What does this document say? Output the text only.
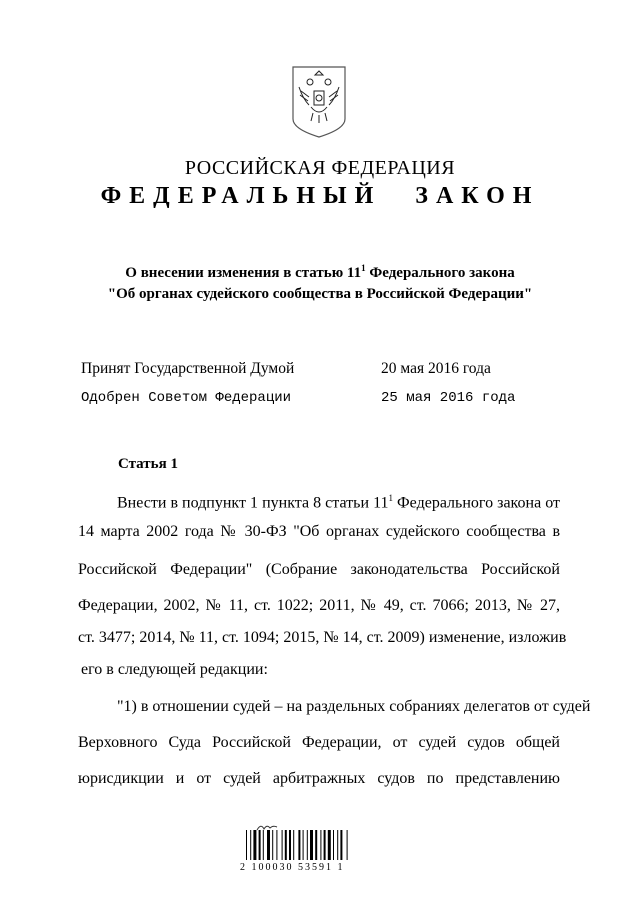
РОССИЙСКАЯ ФЕДЕРАЦИЯ
ФЕДЕРАЛЬНЫЙ ЗАКОН
О внесении изменения в статью $11^1$ Федерального закона
"Об органах судейского сообщества в Российской Федерации"
Принят Государственной Думой	20 мая 2016 года
Одобрен Советом Федерации	25 мая 2016 года
Статья 1
Внести в подпункт 1 пункта 8 статьи $11^1$ Федерального закона от
14 марта 2002 года № 30-ФЗ "Об органах судейского сообщества в
Российской Федерации" (Собрание законодательства Российской
Федерации, 2002, № 11, ст. 1022; 2011, № 49, ст. 7066; 2013, № 27,
ст. 3477; 2014, № 11, ст. 1094; 2015, № 14, ст. 2009) изменение, изложив
его в следующей редакции:
"1) в отношении судей – на раздельных собраниях делегатов от судей
Верховного Суда Российской Федерации, от судей судов общей
юрисдикции и от судей арбитражных судов по представлению
2 100030 53591 1
